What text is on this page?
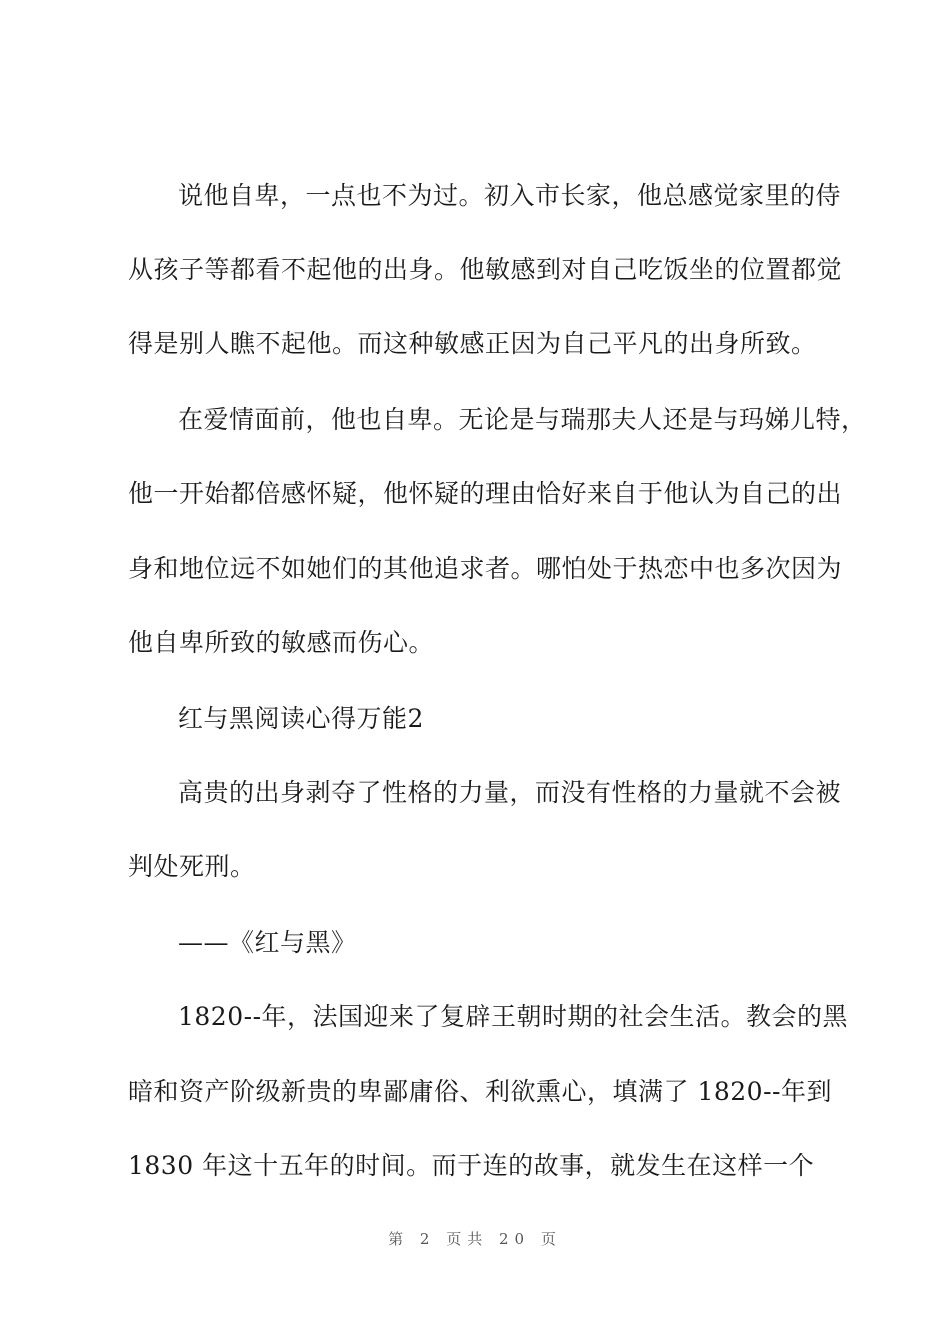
说他自卑，一点也不为过。初入市长家，他总感觉家里的侍
从孩子等都看不起他的出身。他敏感到对自己吃饭坐的位置都觉
得是别人瞧不起他。而这种敏感正因为自己平凡的出身所致。
在爱情面前，他也自卑。无论是与瑞那夫人还是与玛娣儿特，
他一开始都倍感怀疑，他怀疑的理由恰好来自于他认为自己的出
身和地位远不如她们的其他追求者。哪怕处于热恋中也多次因为
他自卑所致的敏感而伤心。
红与黑阅读心得万能2
高贵的出身剥夺了性格的力量，而没有性格的力量就不会被
判处死刑。
——《红与黑》
1820--年，法国迎来了复辟王朝时期的社会生活。教会的黑
暗和资产阶级新贵的卑鄙庸俗、利欲熏心，填满了 1820--年到
1830 年这十五年的时间。而于连的故事，就发生在这样一个
第 2 页共 20 页
